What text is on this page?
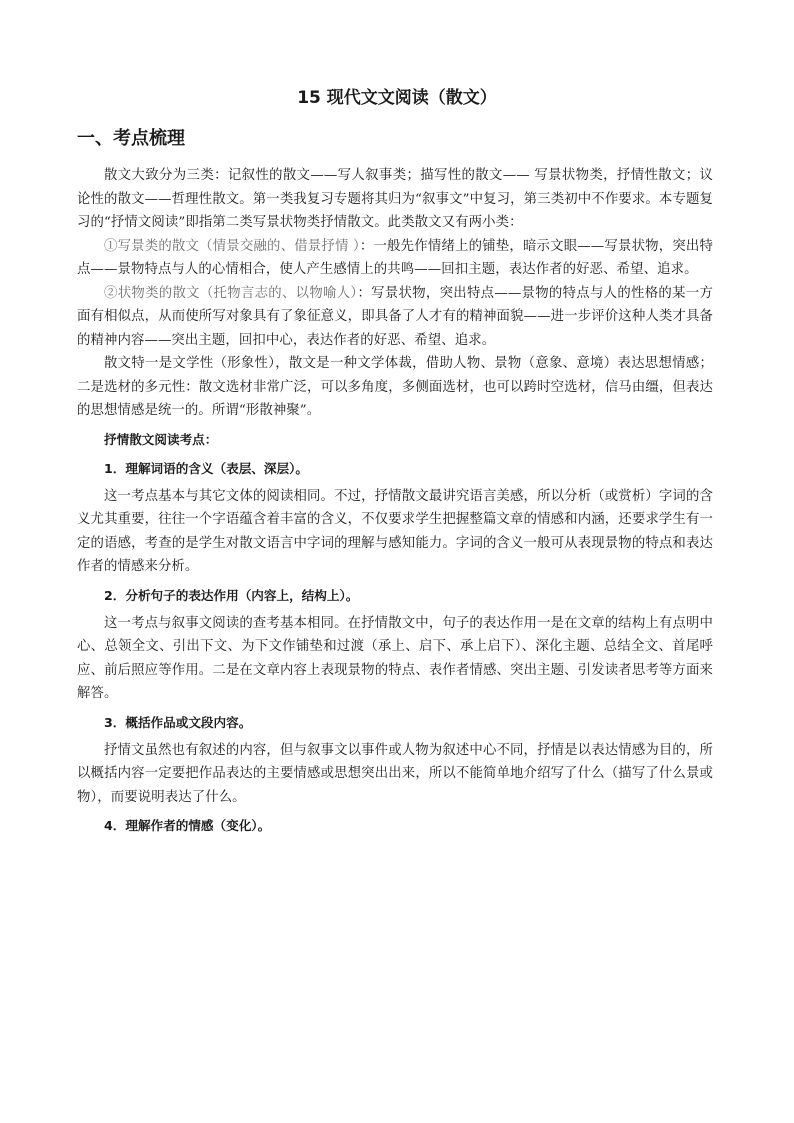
15 现代文文阅读（散文）
一、考点梳理

散文大致分为三类：记叙性的散文——写人叙事类；描写性的散文—— 写景状物类，抒情性散文；议论性的散文——哲理性散文。第一类我复习专题将其归为“叙事文”中复习，第三类初中不作要求。本专题复习的“抒情文阅读”即指第二类写景状物类抒情散文。此类散文又有两小类：

①写景类的散文（情景交融的、借景抒情 ）：一般先作情绪上的铺垫，暗示文眼——写景状物，突出特点——景物特点与人的心情相合，使人产生感情上的共鸣——回扣主题，表达作者的好恶、希望、追求。

②状物类的散文（托物言志的、以物喻人）：写景状物，突出特点——景物的特点与人的性格的某一方面有相似点，从而使所写对象具有了象征意义，即具备了人才有的精神面貌——进一步评价这种人类才具备的精神内容——突出主题，回扣中心，表达作者的好恶、希望、追求。

散文特一是文学性（形象性），散文是一种文学体裁，借助人物、景物（意象、意境）表达思想情感；二是选材的多元性：散文选材非常广泛，可以多角度，多侧面选材，也可以跨时空选材，信马由缰，但表达的思想情感是统一的。所谓“形散神聚”。

抒情散文阅读考点：

1．理解词语的含义（表层、深层）。

这一考点基本与其它文体的阅读相同。不过，抒情散文最讲究语言美感，所以分析（或赏析）字词的含义尤其重要，往往一个字语蕴含着丰富的含义，不仅要求学生把握整篇文章的情感和内涵，还要求学生有一定的语感，考查的是学生对散文语言中字词的理解与感知能力。字词的含义一般可从表现景物的特点和表达作者的情感来分析。

2．分析句子的表达作用（内容上，结构上）。

这一考点与叙事文阅读的查考基本相同。在抒情散文中，句子的表达作用一是在文章的结构上有点明中心、总领全文、引出下文、为下文作铺垫和过渡（承上、启下、承上启下）、深化主题、总结全文、首尾呼应、前后照应等作用。二是在文章内容上表现景物的特点、表作者情感、突出主题、引发读者思考等方面来解答。

3．概括作品或文段内容。

抒情文虽然也有叙述的内容，但与叙事文以事件或人物为叙述中心不同，抒情是以表达情感为目的，所以概括内容一定要把作品表达的主要情感或思想突出出来，所以不能简单地介绍写了什么（描写了什么景或物），而要说明表达了什么。

4．理解作者的情感（变化）。
